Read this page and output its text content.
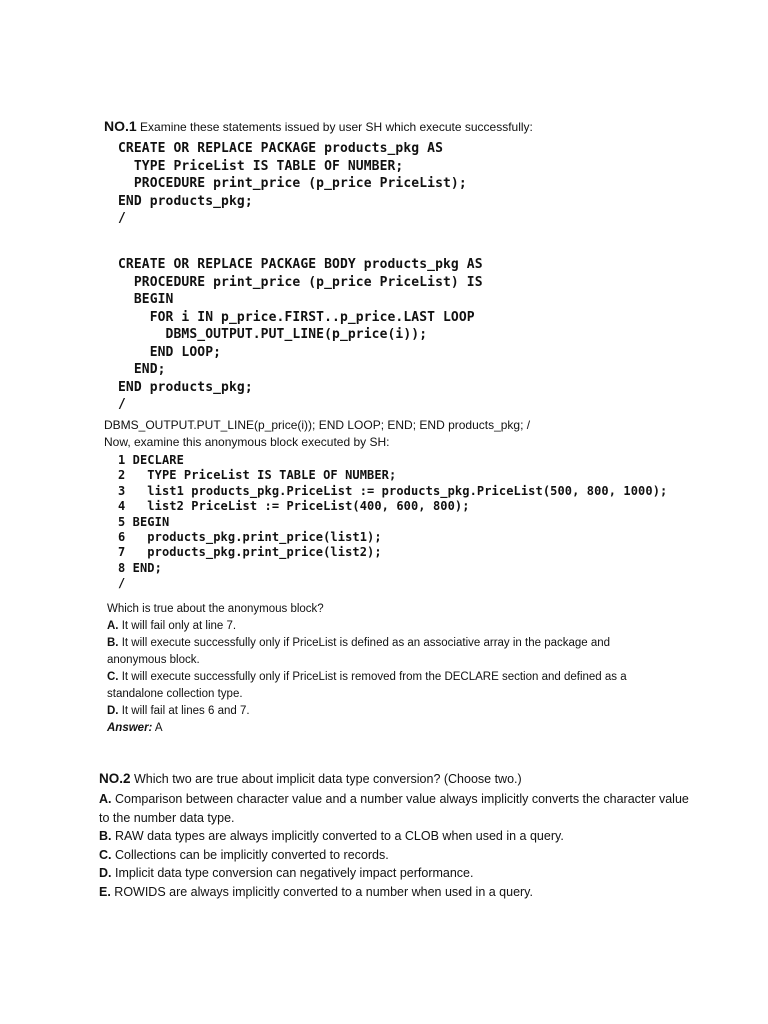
NO.1 Examine these statements issued by user SH which execute successfully:
CREATE OR REPLACE PACKAGE products_pkg AS
TYPE PriceList IS TABLE OF NUMBER;
PROCEDURE print_price (p_price PriceList);
END products_pkg;
/
CREATE OR REPLACE PACKAGE BODY products_pkg AS
PROCEDURE print_price (p_price PriceList) IS
BEGIN
FOR i IN p_price.FIRST..p_price.LAST LOOP
DBMS_OUTPUT.PUT_LINE(p_price(i));
END LOOP;
END;
END products_pkg;
/
DBMS_OUTPUT.PUT_LINE(p_price(i)); END LOOP; END; END products_pkg; /
Now, examine this anonymous block executed by SH:
1 DECLARE
2   TYPE PriceList IS TABLE OF NUMBER;
3   list1 products_pkg.PriceList := products_pkg.PriceList(500, 800, 1000);
4   list2 PriceList := PriceList(400, 600, 800);
5 BEGIN
6   products_pkg.print_price(list1);
7   products_pkg.print_price(list2);
8 END;
/
Which is true about the anonymous block?
A. It will fail only at line 7.
B. It will execute successfully only if PriceList is defined as an associative array in the package and anonymous block.
C. It will execute successfully only if PriceList is removed from the DECLARE section and defined as a standalone collection type.
D. It will fail at lines 6 and 7.
Answer: A
NO.2 Which two are true about implicit data type conversion? (Choose two.)
A. Comparison between character value and a number value always implicitly converts the character value to the number data type.
B. RAW data types are always implicitly converted to a CLOB when used in a query.
C. Collections can be implicitly converted to records.
D. Implicit data type conversion can negatively impact performance.
E. ROWIDS are always implicitly converted to a number when used in a query.
